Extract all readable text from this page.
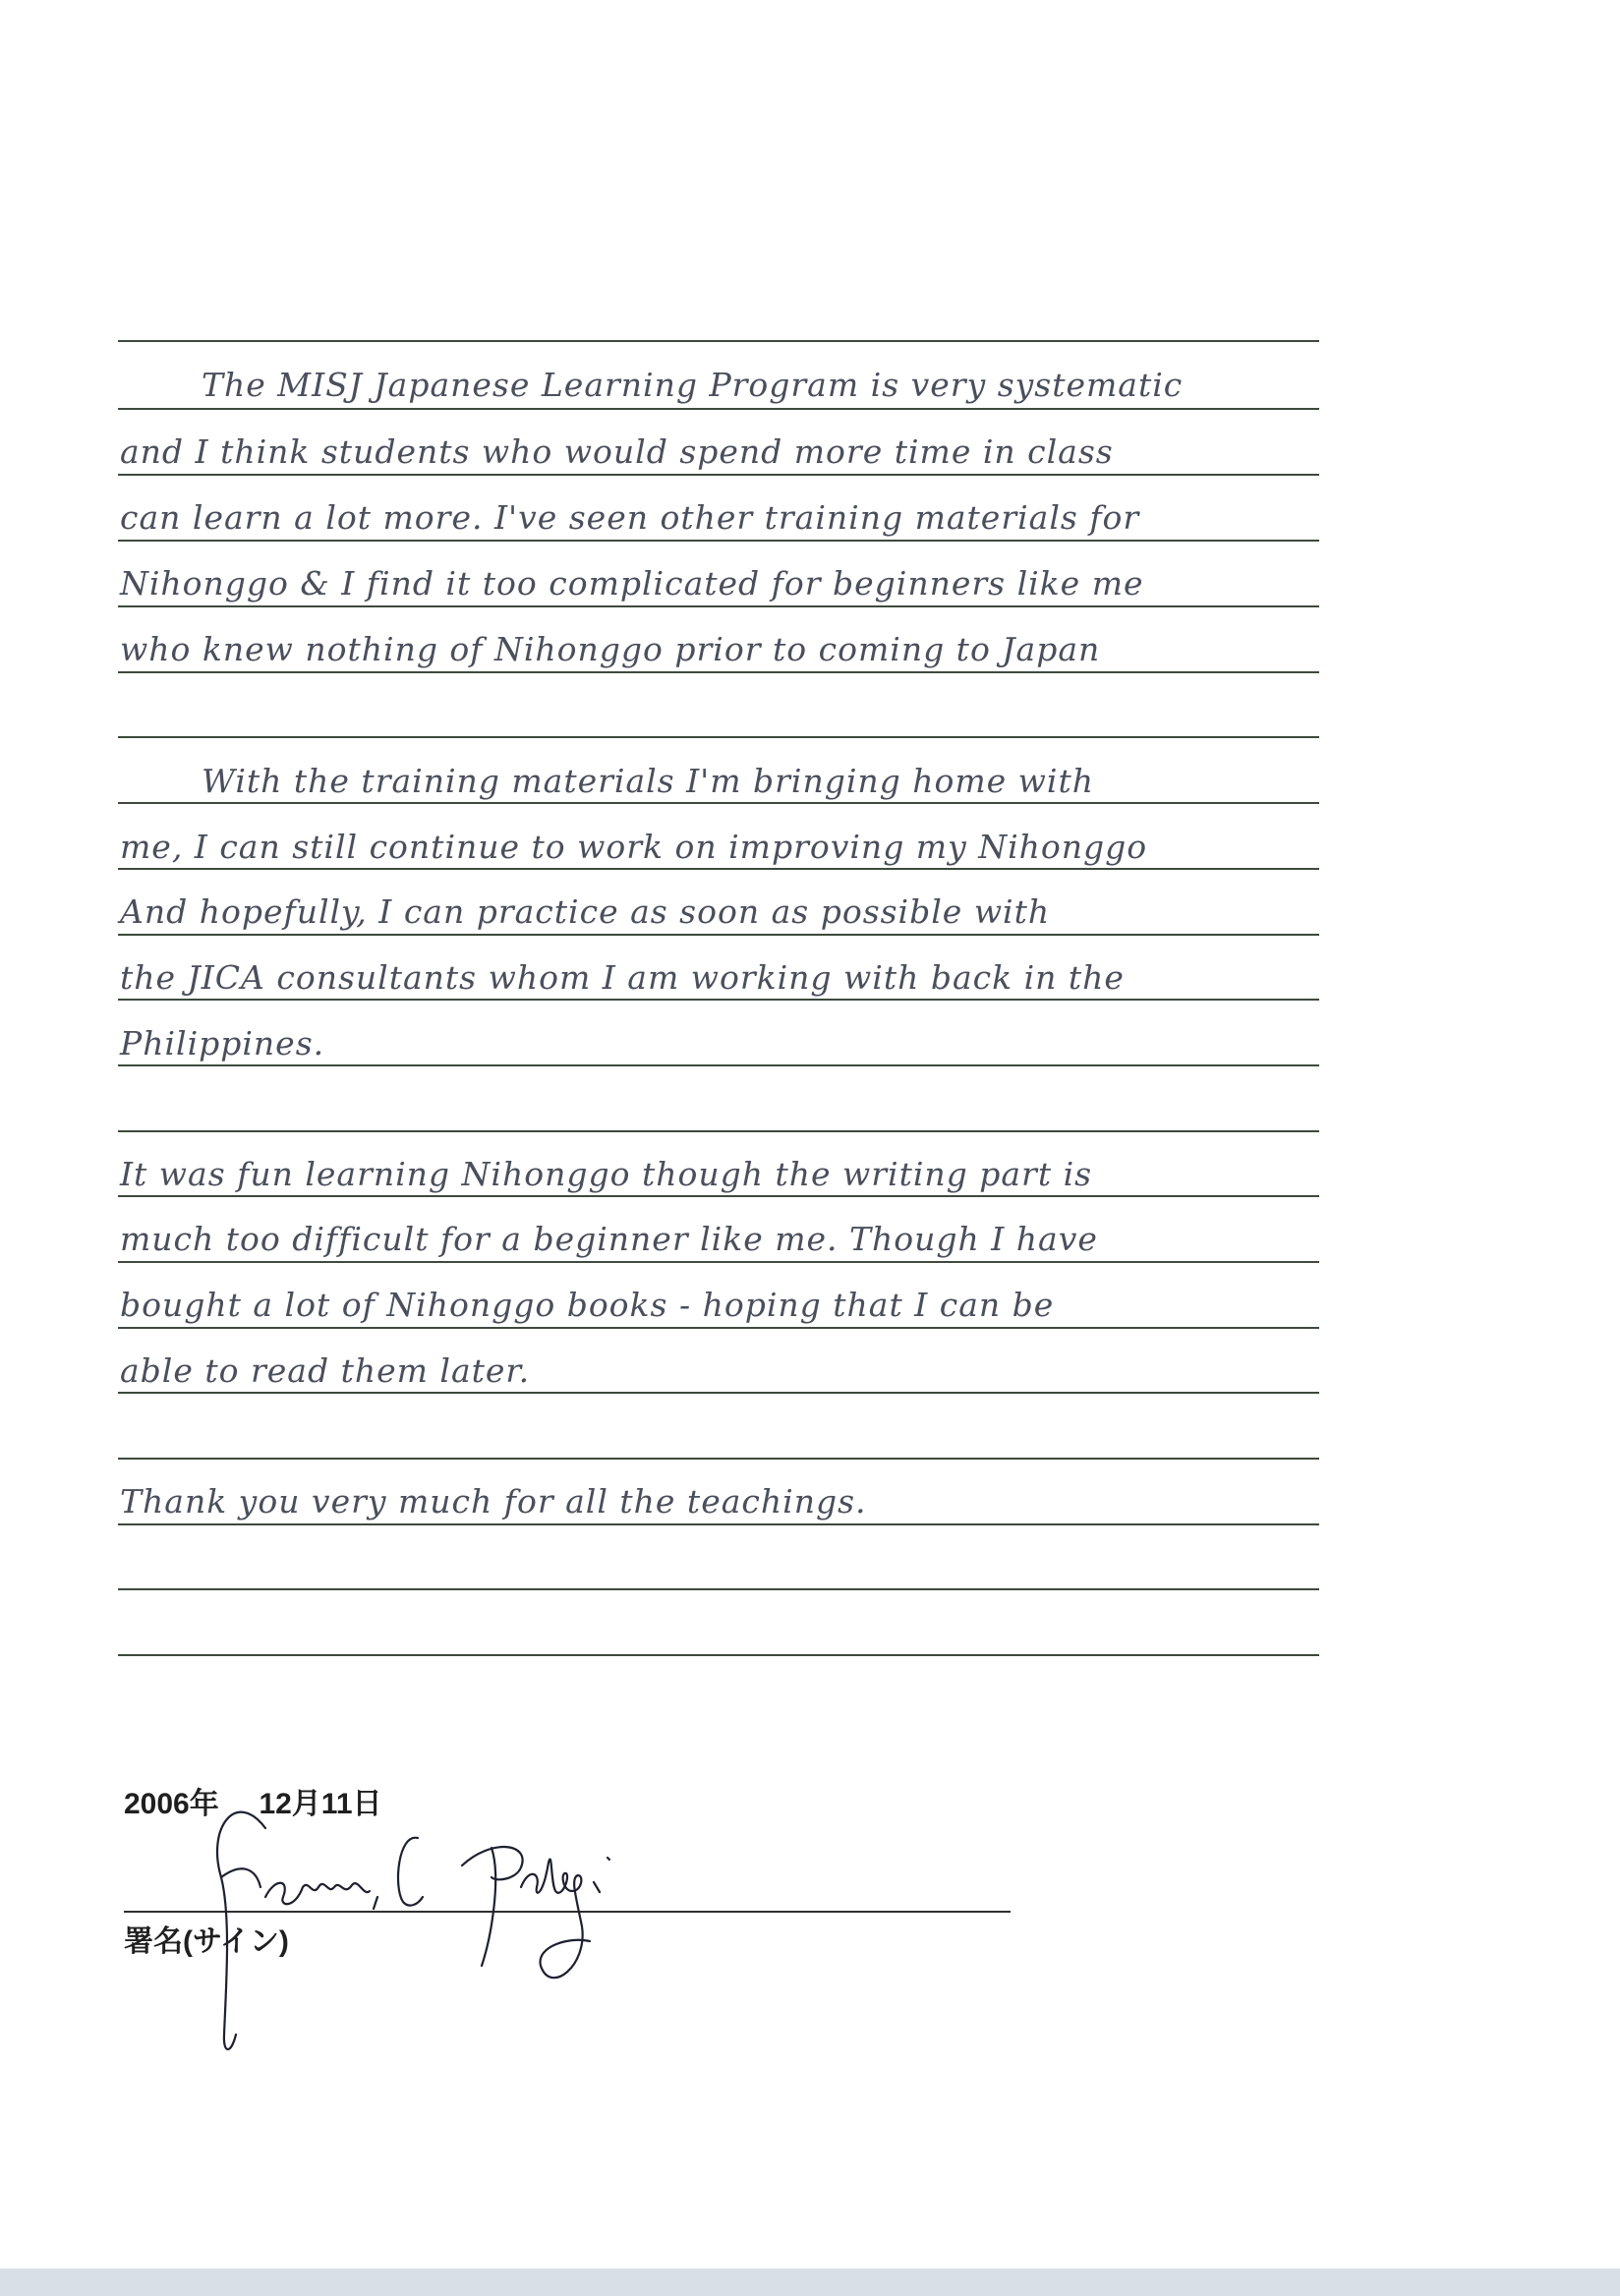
The MISJ Japanese Learning Program is very systematic
and I think students who would spend more time in class
can learn a lot more. I've seen other training materials for
Nihonggo & I find it too complicated for beginners like me
who knew nothing of Nihonggo prior to coming to Japan
With the training materials I'm bringing home with
me, I can still continue to work on improving my Nihonggo
And hopefully, I can practice as soon as possible with
the JICA consultants whom I am working with back in the
Philippines.
It was fun learning Nihonggo though the writing part is
much too difficult for a beginner like me. Though I have
bought a lot of Nihonggo books - hoping that I can be
able to read them later.
Thank you very much for all the teachings.
2006年 12月11日
署名(サイン)
